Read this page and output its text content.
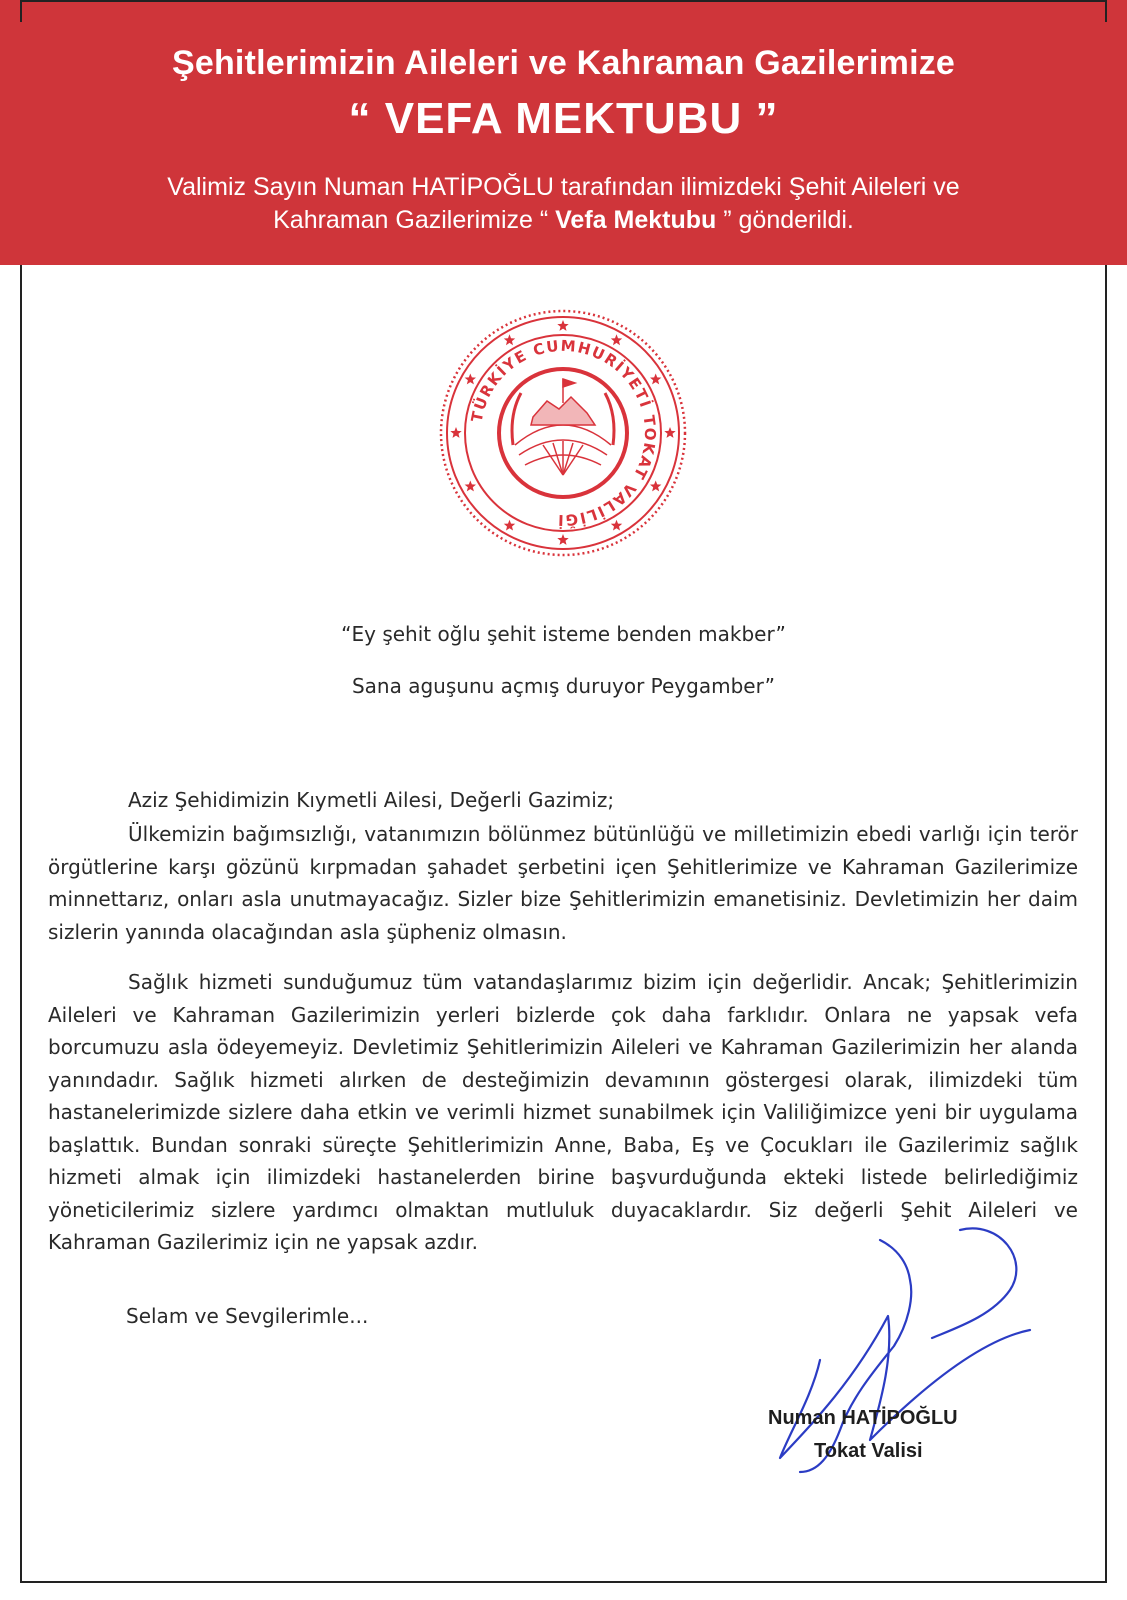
Şehitlerimizin Aileleri ve Kahraman Gazilerimize
“ VEFA MEKTUBU ”
Valimiz Sayın Numan HATİPOĞLU tarafından ilimizdeki Şehit Aileleri ve
Kahraman Gazilerimize “ Vefa Mektubu ” gönderildi.
TÜRKİYE CUMHURİYETİ TOKAT VALİLİĞİ
“Ey şehit oğlu şehit isteme benden makber”
Sana aguşunu açmış duruyor Peygamber”
Aziz Şehidimizin Kıymetli Ailesi, Değerli Gazimiz;

Ülkemizin bağımsızlığı, vatanımızın bölünmez bütünlüğü ve milletimizin ebedi varlığı için terör örgütlerine karşı gözünü kırpmadan şahadet şerbetini içen Şehitlerimize ve Kahraman Gazilerimize minnettarız, onları asla unutmayacağız. Sizler bize Şehitlerimizin emanetisiniz. Devletimizin her daim sizlerin yanında olacağından asla şüpheniz olmasın.

Sağlık hizmeti sunduğumuz tüm vatandaşlarımız bizim için değerlidir. Ancak; Şehitlerimizin Aileleri ve Kahraman Gazilerimizin yerleri bizlerde çok daha farklıdır. Onlara ne yapsak vefa borcumuzu asla ödeyemeyiz. Devletimiz Şehitlerimizin Aileleri ve Kahraman Gazilerimizin her alanda yanındadır. Sağlık hizmeti alırken de desteğimizin devamının göstergesi olarak, ilimizdeki tüm hastanelerimizde sizlere daha etkin ve verimli hizmet sunabilmek için Valiliğimizce yeni bir uygulama başlattık. Bundan sonraki süreçte Şehitlerimizin Anne, Baba, Eş ve Çocukları ile Gazilerimiz sağlık hizmeti almak için ilimizdeki hastanelerden birine başvurduğunda ekteki listede belirlediğimiz yöneticilerimiz sizlere yardımcı olmaktan mutluluk duyacaklardır. Siz değerli Şehit Aileleri ve Kahraman Gazilerimiz için ne yapsak azdır.

Selam ve Sevgilerimle...
Numan HATİPOĞLU
Tokat Valisi
